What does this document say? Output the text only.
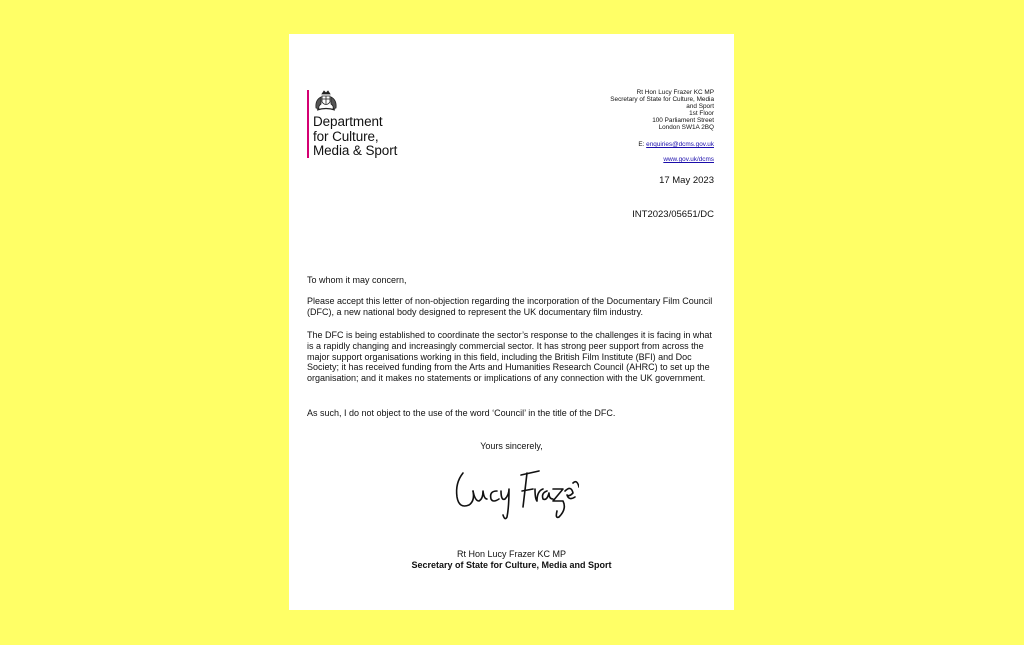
Department
for Culture,
Media & Sport
Rt Hon Lucy Frazer KC MP
Secretary of State for Culture, Media
and Sport
1st Floor
100 Parliament Street
London SW1A 2BQ
E: enquiries@dcms.gov.uk
www.gov.uk/dcms
17 May 2023
INT2023/05651/DC
To whom it may concern,
Please accept this letter of non-objection regarding the incorporation of the Documentary Film Council (DFC), a new national body designed to represent the UK documentary film industry.
The DFC is being established to coordinate the sector’s response to the challenges it is facing in what is a rapidly changing and increasingly commercial sector. It has strong peer support from across the major support organisations working in this field, including the British Film Institute (BFI) and Doc Society; it has received funding from the Arts and Humanities Research Council (AHRC) to set up the organisation; and it makes no statements or implications of any connection with the UK government.
As such, I do not object to the use of the word ‘Council’ in the title of the DFC.
Yours sincerely,
Rt Hon Lucy Frazer KC MP
Secretary of State for Culture, Media and Sport
